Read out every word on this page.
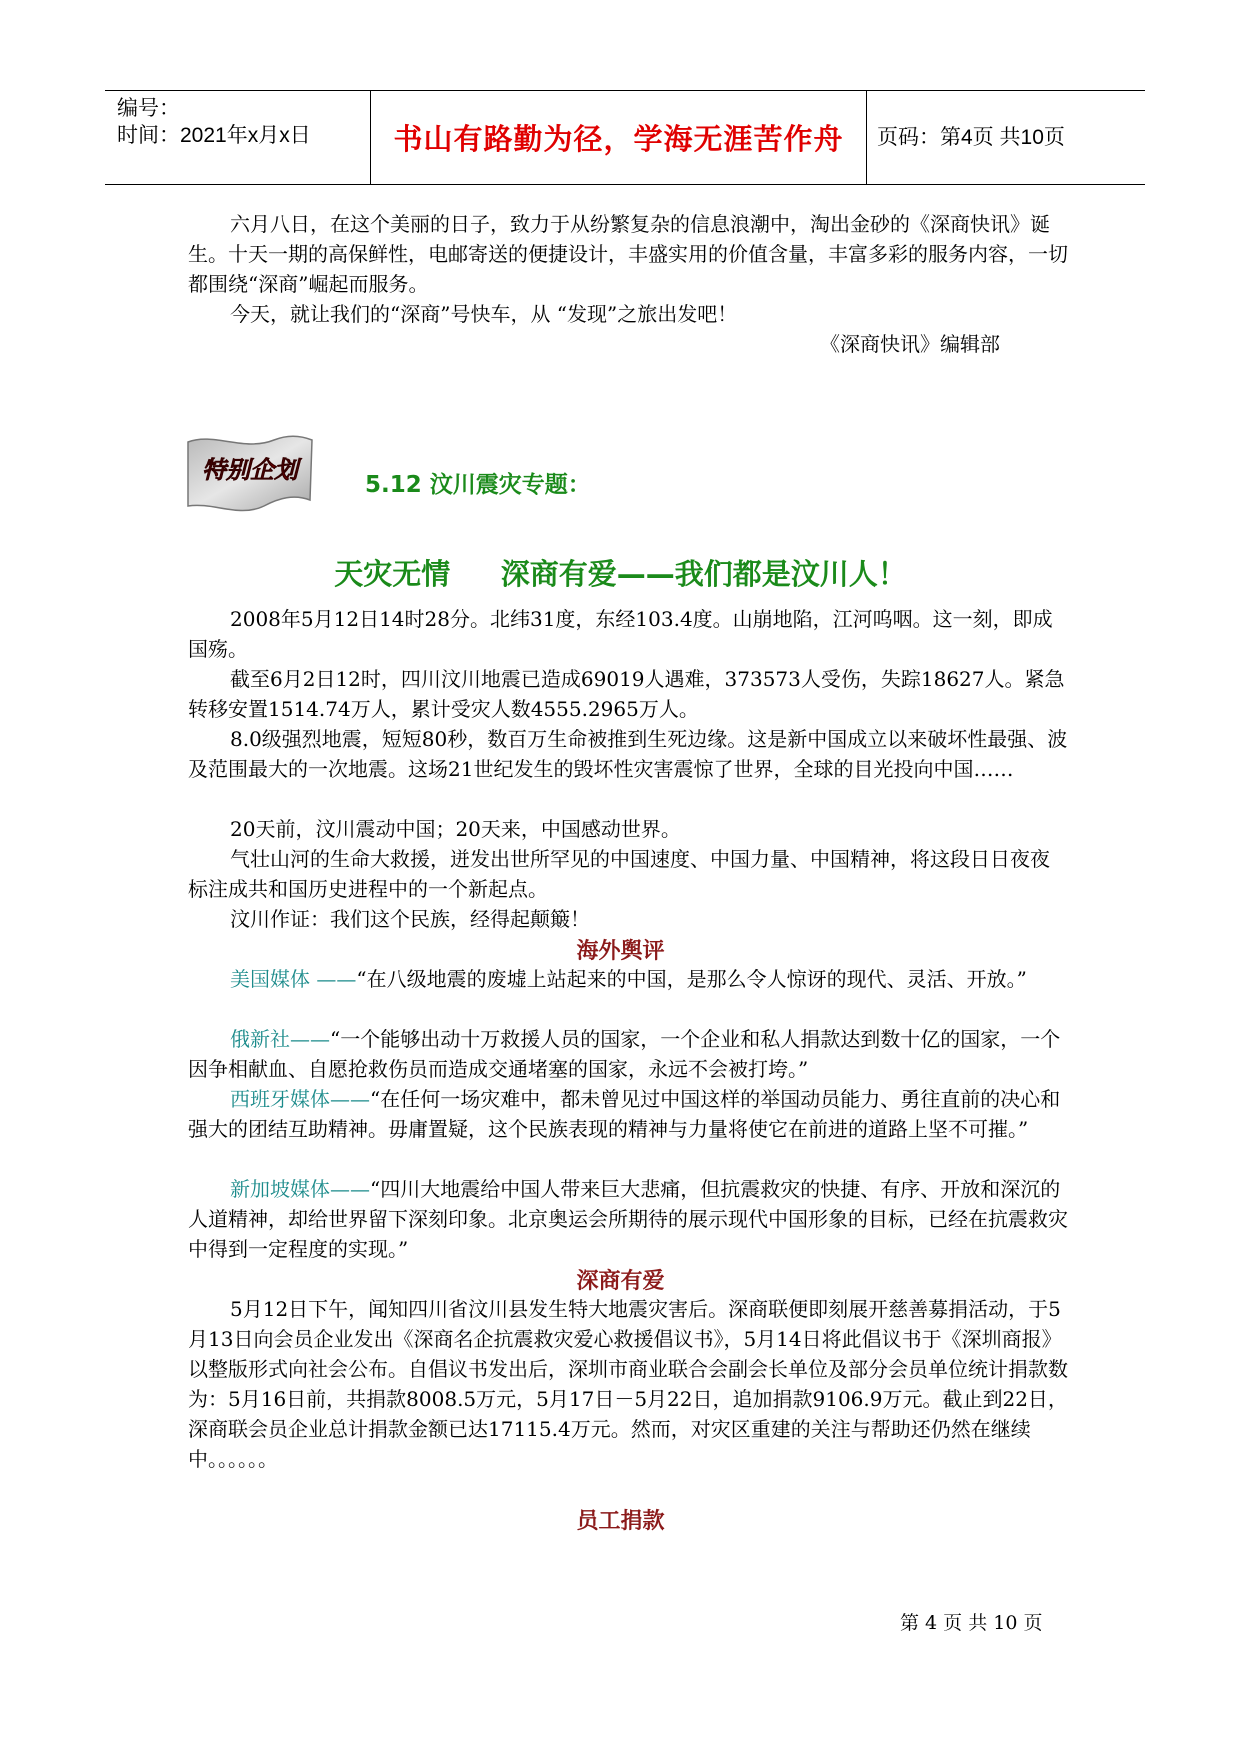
编号：
时间：2021年x月x日	书山有路勤为径，学海无涯苦作舟 页码：第4页 共10页
六月八日，在这个美丽的日子，致力于从纷繁复杂的信息浪潮中，淘出金砂的《深商快讯》诞生。十天一期的高保鲜性，电邮寄送的便捷设计，丰盛实用的价值含量，丰富多彩的服务内容，一切都围绕“深商”崛起而服务。
今天，就让我们的“深商”号快车，从 “发现”之旅出发吧！
《深商快讯》编辑部
特别企划
5.12 汶川震灾专题：
天灾无情     深商有爱——我们都是汶川人！
2008年5月12日14时28分。北纬31度，东经103.4度。山崩地陷，江河呜咽。这一刻，即成国殇。
截至6月2日12时，四川汶川地震已造成69019人遇难，373573人受伤，失踪18627人。紧急转移安置1514.74万人，累计受灾人数4555.2965万人。
8.0级强烈地震，短短80秒，数百万生命被推到生死边缘。这是新中国成立以来破坏性最强、波及范围最大的一次地震。这场21世纪发生的毁坏性灾害震惊了世界，全球的目光投向中国……
20天前，汶川震动中国；20天来，中国感动世界。
气壮山河的生命大救援，迸发出世所罕见的中国速度、中国力量、中国精神，将这段日日夜夜标注成共和国历史进程中的一个新起点。
汶川作证：我们这个民族，经得起颠簸！
海外舆评
美国媒体 ——“在八级地震的废墟上站起来的中国，是那么令人惊讶的现代、灵活、开放。”
俄新社——“一个能够出动十万救援人员的国家，一个企业和私人捐款达到数十亿的国家，一个因争相献血、自愿抢救伤员而造成交通堵塞的国家，永远不会被打垮。”
西班牙媒体——“在任何一场灾难中，都未曾见过中国这样的举国动员能力、勇往直前的决心和强大的团结互助精神。毋庸置疑，这个民族表现的精神与力量将使它在前进的道路上坚不可摧。”
新加坡媒体——“四川大地震给中国人带来巨大悲痛，但抗震救灾的快捷、有序、开放和深沉的人道精神，却给世界留下深刻印象。北京奥运会所期待的展示现代中国形象的目标，已经在抗震救灾中得到一定程度的实现。”
深商有爱
5月12日下午，闻知四川省汶川县发生特大地震灾害后。深商联便即刻展开慈善募捐活动，于5月13日向会员企业发出《深商名企抗震救灾爱心救援倡议书》，5月14日将此倡议书于《深圳商报》以整版形式向社会公布。自倡议书发出后，深圳市商业联合会副会长单位及部分会员单位统计捐款数为：5月16日前，共捐款8008.5万元，5月17日－5月22日，追加捐款9106.9万元。截止到22日，深商联会员企业总计捐款金额已达17115.4万元。然而，对灾区重建的关注与帮助还仍然在继续中。。。。。。
员工捐款
第 4 页 共 10 页
